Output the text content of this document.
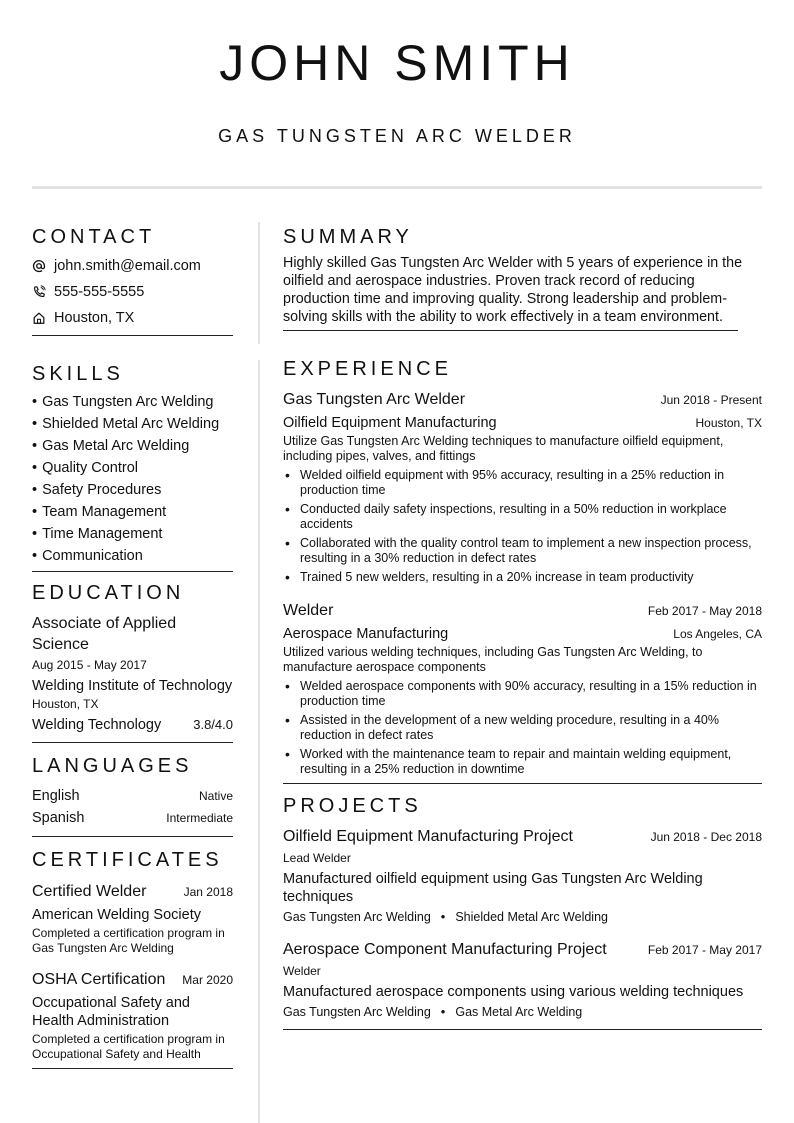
JOHN SMITH
GAS TUNGSTEN ARC WELDER
CONTACT
john.smith@email.com
555-555-5555
Houston, TX
SKILLS
• Gas Tungsten Arc Welding
• Shielded Metal Arc Welding
• Gas Metal Arc Welding
• Quality Control
• Safety Procedures
• Team Management
• Time Management
• Communication
EDUCATION
Associate of Applied Science
Aug 2015 - May 2017
Welding Institute of Technology
Houston, TX
Welding Technology 3.8/4.0
LANGUAGES
English	Native
Spanish	Intermediate
CERTIFICATES
Certified Welder	Jan 2018
American Welding Society
Completed a certification program in Gas Tungsten Arc Welding
OSHA Certification Mar 2020
Occupational Safety and Health Administration
Completed a certification program in Occupational Safety and Health
SUMMARY
Highly skilled Gas Tungsten Arc Welder with 5 years of experience in the oilfield and aerospace industries. Proven track record of reducing production time and improving quality. Strong leadership and problem-solving skills with the ability to work effectively in a team environment.
EXPERIENCE
Gas Tungsten Arc Welder	Jun 2018 - Present
Oilfield Equipment Manufacturing	Houston, TX
Utilize Gas Tungsten Arc Welding techniques to manufacture oilfield equipment, including pipes, valves, and fittings
• Welded oilfield equipment with 95% accuracy, resulting in a 25% reduction in production time
• Conducted daily safety inspections, resulting in a 50% reduction in workplace accidents
• Collaborated with the quality control team to implement a new inspection process, resulting in a 30% reduction in defect rates
• Trained 5 new welders, resulting in a 20% increase in team productivity
Welder	Feb 2017 - May 2018
Aerospace Manufacturing	Los Angeles, CA
Utilized various welding techniques, including Gas Tungsten Arc Welding, to manufacture aerospace components
• Welded aerospace components with 90% accuracy, resulting in a 15% reduction in production time
• Assisted in the development of a new welding procedure, resulting in a 40% reduction in defect rates
• Worked with the maintenance team to repair and maintain welding equipment, resulting in a 25% reduction in downtime
PROJECTS
Oilfield Equipment Manufacturing Project	Jun 2018 - Dec 2018
Lead Welder
Manufactured oilfield equipment using Gas Tungsten Arc Welding techniques
Gas Tungsten Arc Welding • Shielded Metal Arc Welding
Aerospace Component Manufacturing Project	Feb 2017 - May 2017
Welder
Manufactured aerospace components using various welding techniques
Gas Tungsten Arc Welding • Gas Metal Arc Welding
